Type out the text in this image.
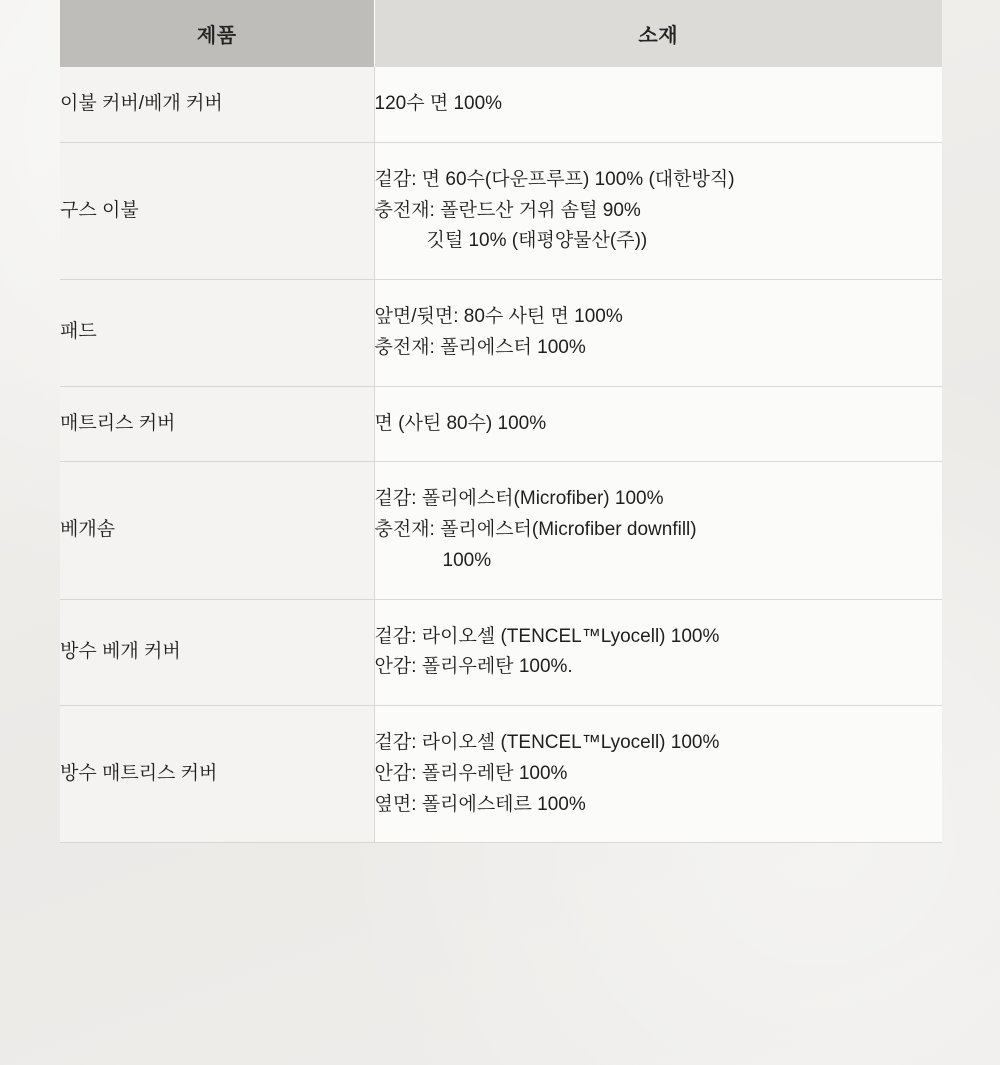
제품	소재
이불 커버/베개 커버	120수 면 100%

구스 이불	겉감: 면 60수(다운프루프) 100% (대한방직)
충전재: 폴란드산 거위 솜털 90%
깃털 10% (태평양물산(주))

패드	앞면/뒷면: 80수 사틴 면 100%
충전재: 폴리에스터 100%

매트리스 커버	면 (사틴 80수) 100%

베개솜	겉감: 폴리에스터(Microfiber) 100%
충전재: 폴리에스터(Microfiber downfill)
100%

방수 베개 커버	겉감: 라이오셀 (TENCEL™Lyocell) 100%
안감: 폴리우레탄 100%.

방수 매트리스 커버	겉감: 라이오셀 (TENCEL™Lyocell) 100%
안감: 폴리우레탄 100%
옆면: 폴리에스테르 100%
